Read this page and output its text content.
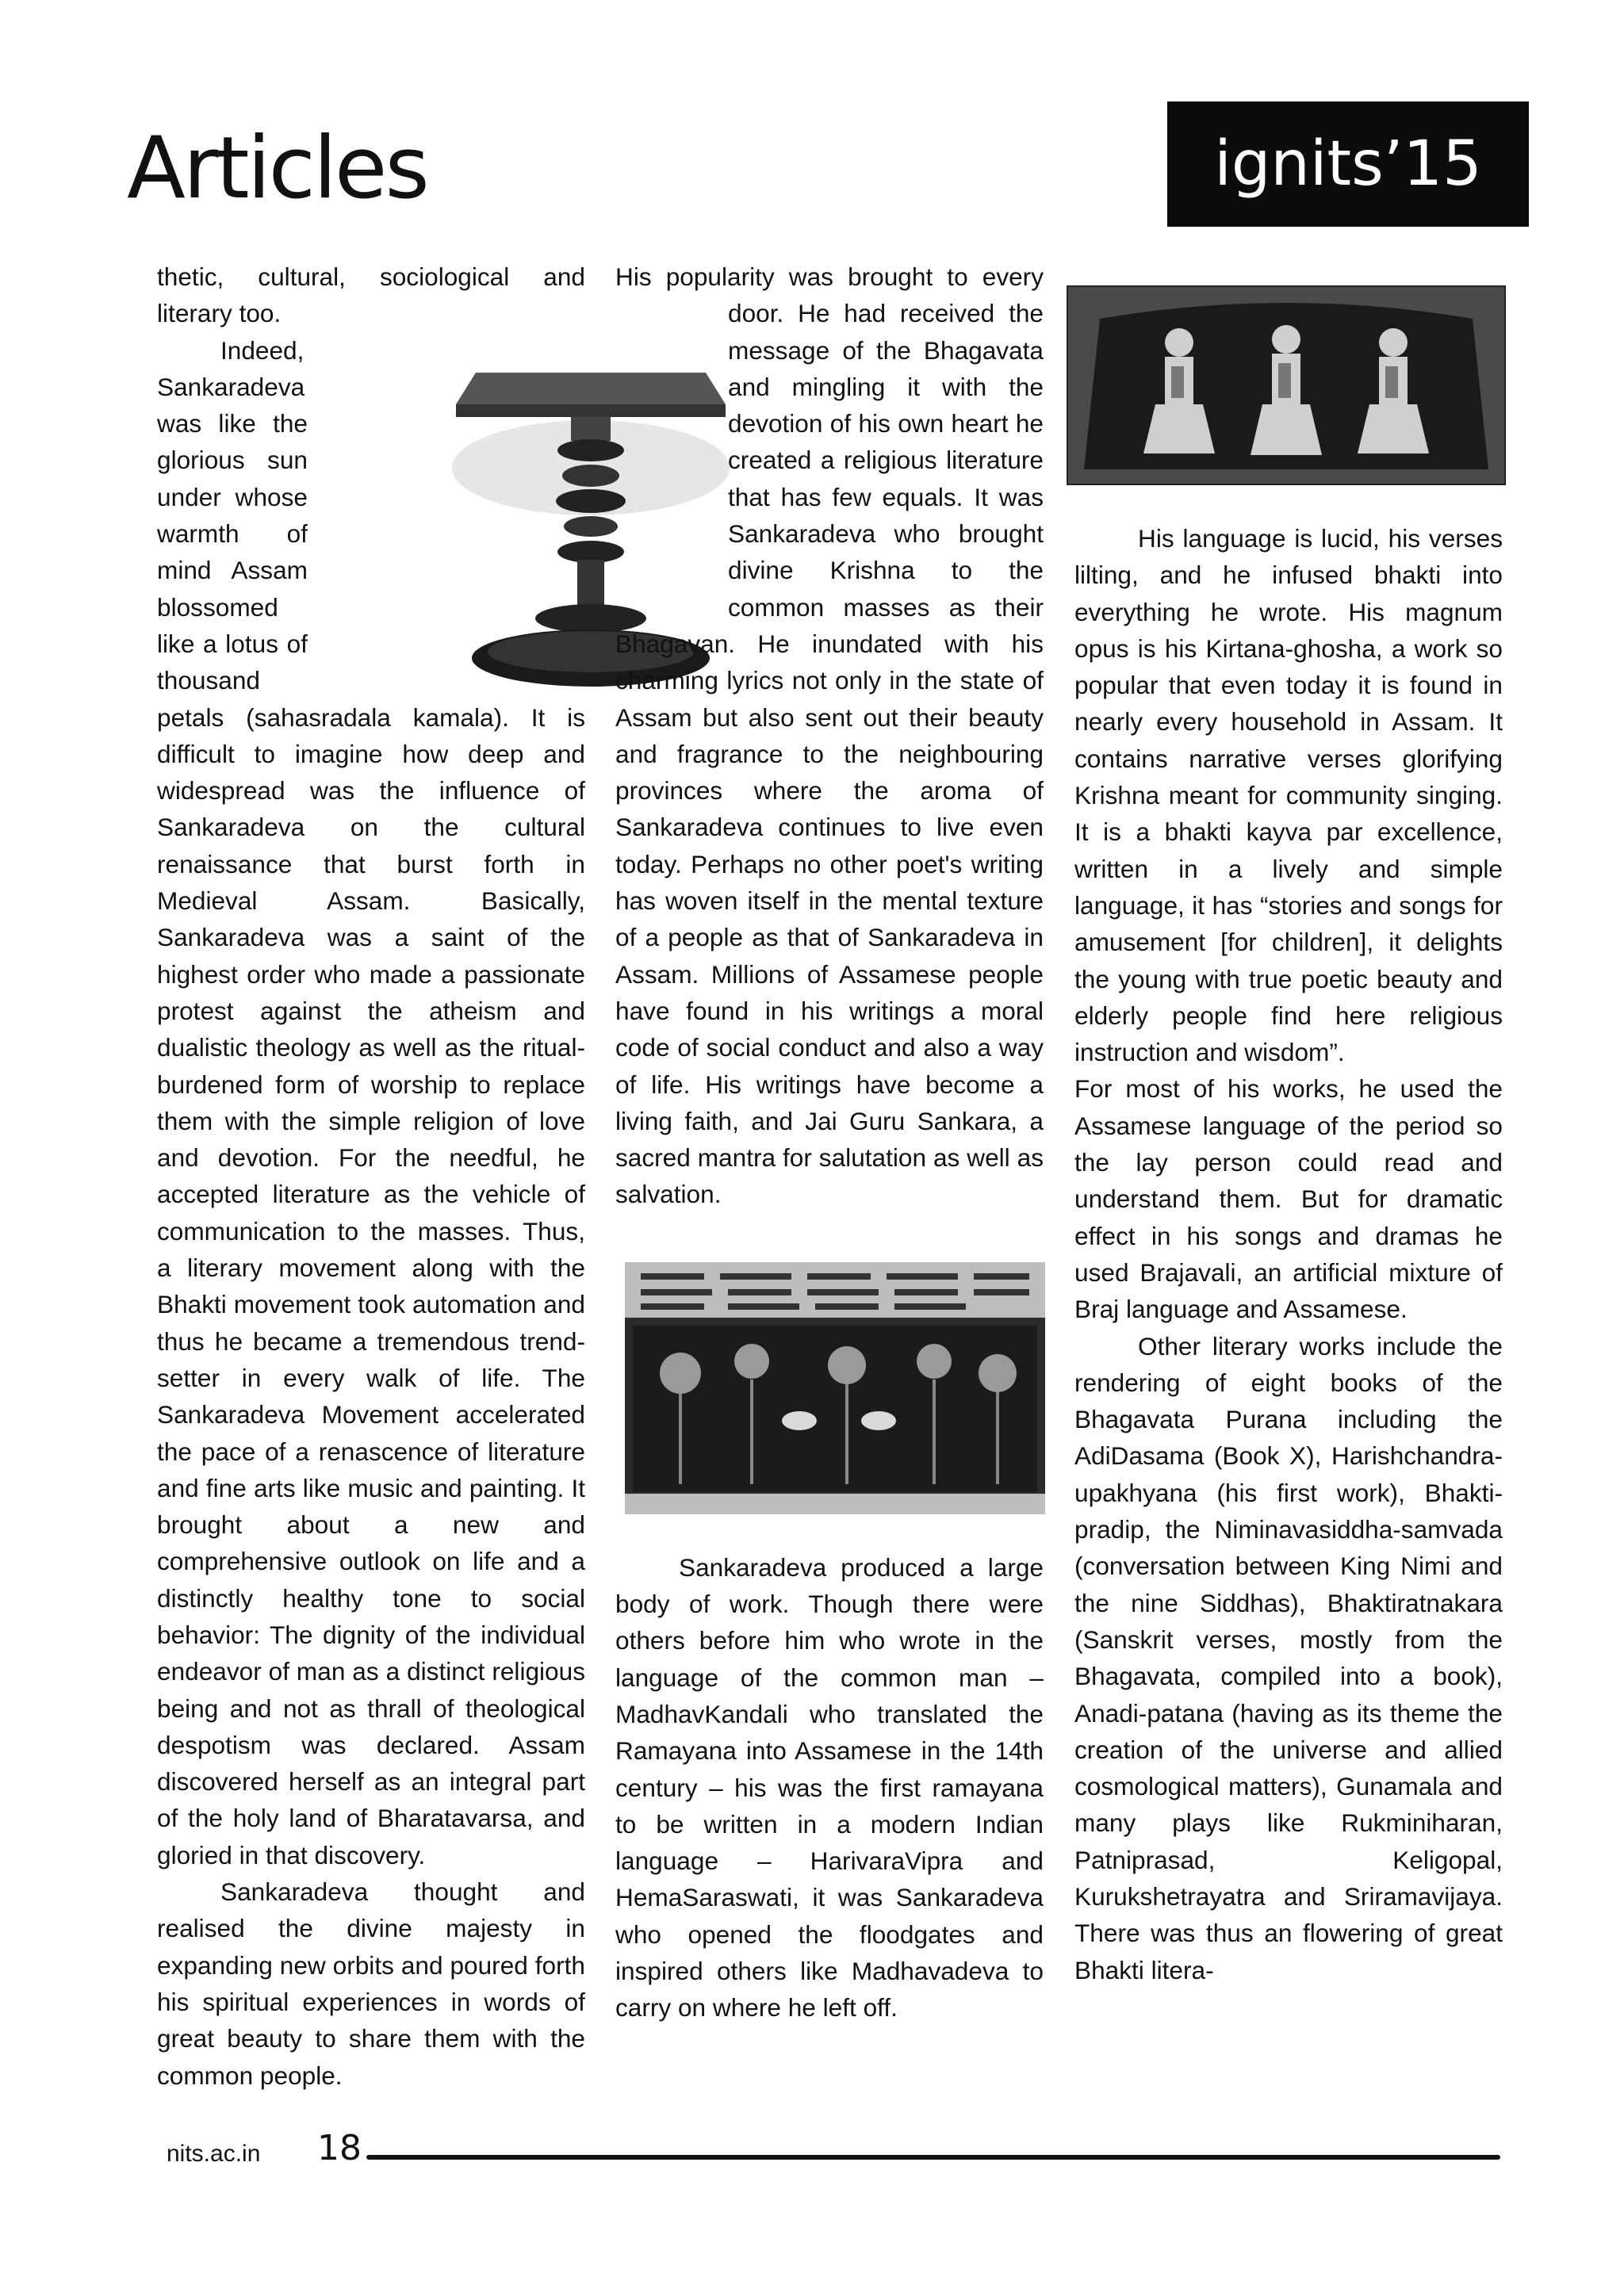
Articles	ignits’15

thetic, cultural, sociological and literary too.

Indeed, Sankaradeva was like the glorious sun under whose warmth of mind Assam blossomed like a lotus of thousand petals (sahasradala kamala). It is difficult to imagine how deep and widespread was the influence of Sankaradeva on the cultural renaissance that burst forth in Medieval Assam. Basically, Sankaradeva was a saint of the highest order who made a passionate protest against the atheism and dualistic theology as well as the ritual-burdened form of worship to replace them with the simple religion of love and devotion. For the needful, he accepted literature as the vehicle of communication to the masses. Thus, a literary movement along with the Bhakti movement took automation and thus he became a tremendous trend-setter in every walk of life. The Sankaradeva Movement accelerated the pace of a renascence of literature and fine arts like music and painting. It brought about a new and comprehensive outlook on life and a distinctly healthy tone to social behavior: The dignity of the individual endeavor of man as a distinct religious being and not as thrall of theological despotism was declared. Assam discovered herself as an integral part of the holy land of Bharatavarsa, and gloried in that discovery.

Sankaradeva thought and realised the divine majesty in expanding new orbits and poured forth his spiritual experiences in words of great beauty to share them with the common people.

His popularity was brought to every door. He had received the message of the Bhagavata and mingling it with the devotion of his own heart he created a religious literature that has few equals. It was Sankaradeva who brought divine Krishna to the common masses as their Bhagavan. He inundated with his charming lyrics not only in the state of Assam but also sent out their beauty and fragrance to the neighbouring provinces where the aroma of Sankaradeva continues to live even today. Perhaps no other poet's writing has woven itself in the mental texture of a people as that of Sankaradeva in Assam. Millions of Assamese people have found in his writings a moral code of social conduct and also a way of life. His writings have become a living faith, and Jai Guru Sankara, a sacred mantra for salutation as well as salvation.

Sankaradeva produced a large body of work. Though there were others before him who wrote in the language of the common man – MadhavKandali who translated the Ramayana into Assamese in the 14th century – his was the first ramayana to be written in a modern Indian language – HarivaraVipra and HemaSaraswati, it was Sankaradeva who opened the floodgates and inspired others like Madhavadeva to carry on where he left off.

His language is lucid, his verses lilting, and he infused bhakti into everything he wrote. His magnum opus is his Kirtana-ghosha, a work so popular that even today it is found in nearly every household in Assam. It contains narrative verses glorifying Krishna meant for community singing. It is a bhakti kayva par excellence, written in a lively and simple language, it has “stories and songs for amusement [for children], it delights the young with true poetic beauty and elderly people find here religious instruction and wisdom”.

For most of his works, he used the Assamese language of the period so the lay person could read and understand them. But for dramatic effect in his songs and dramas he used Brajavali, an artificial mixture of Braj language and Assamese.

Other literary works include the rendering of eight books of the Bhagavata Purana including the AdiDasama (Book X), Harishchandra-upakhyana (his first work), Bhakti-pradip, the Niminavasiddha-samvada (conversation between King Nimi and the nine Siddhas), Bhaktiratnakara (Sanskrit verses, mostly from the Bhagavata, compiled into a book), Anadi-patana (having as its theme the creation of the universe and allied cosmological matters), Gunamala and many plays like Rukminiharan, Patniprasad, Keligopal, Kurukshetrayatra and Sriramavijaya. There was thus an flowering of great Bhakti litera-

nits.ac.in 18
